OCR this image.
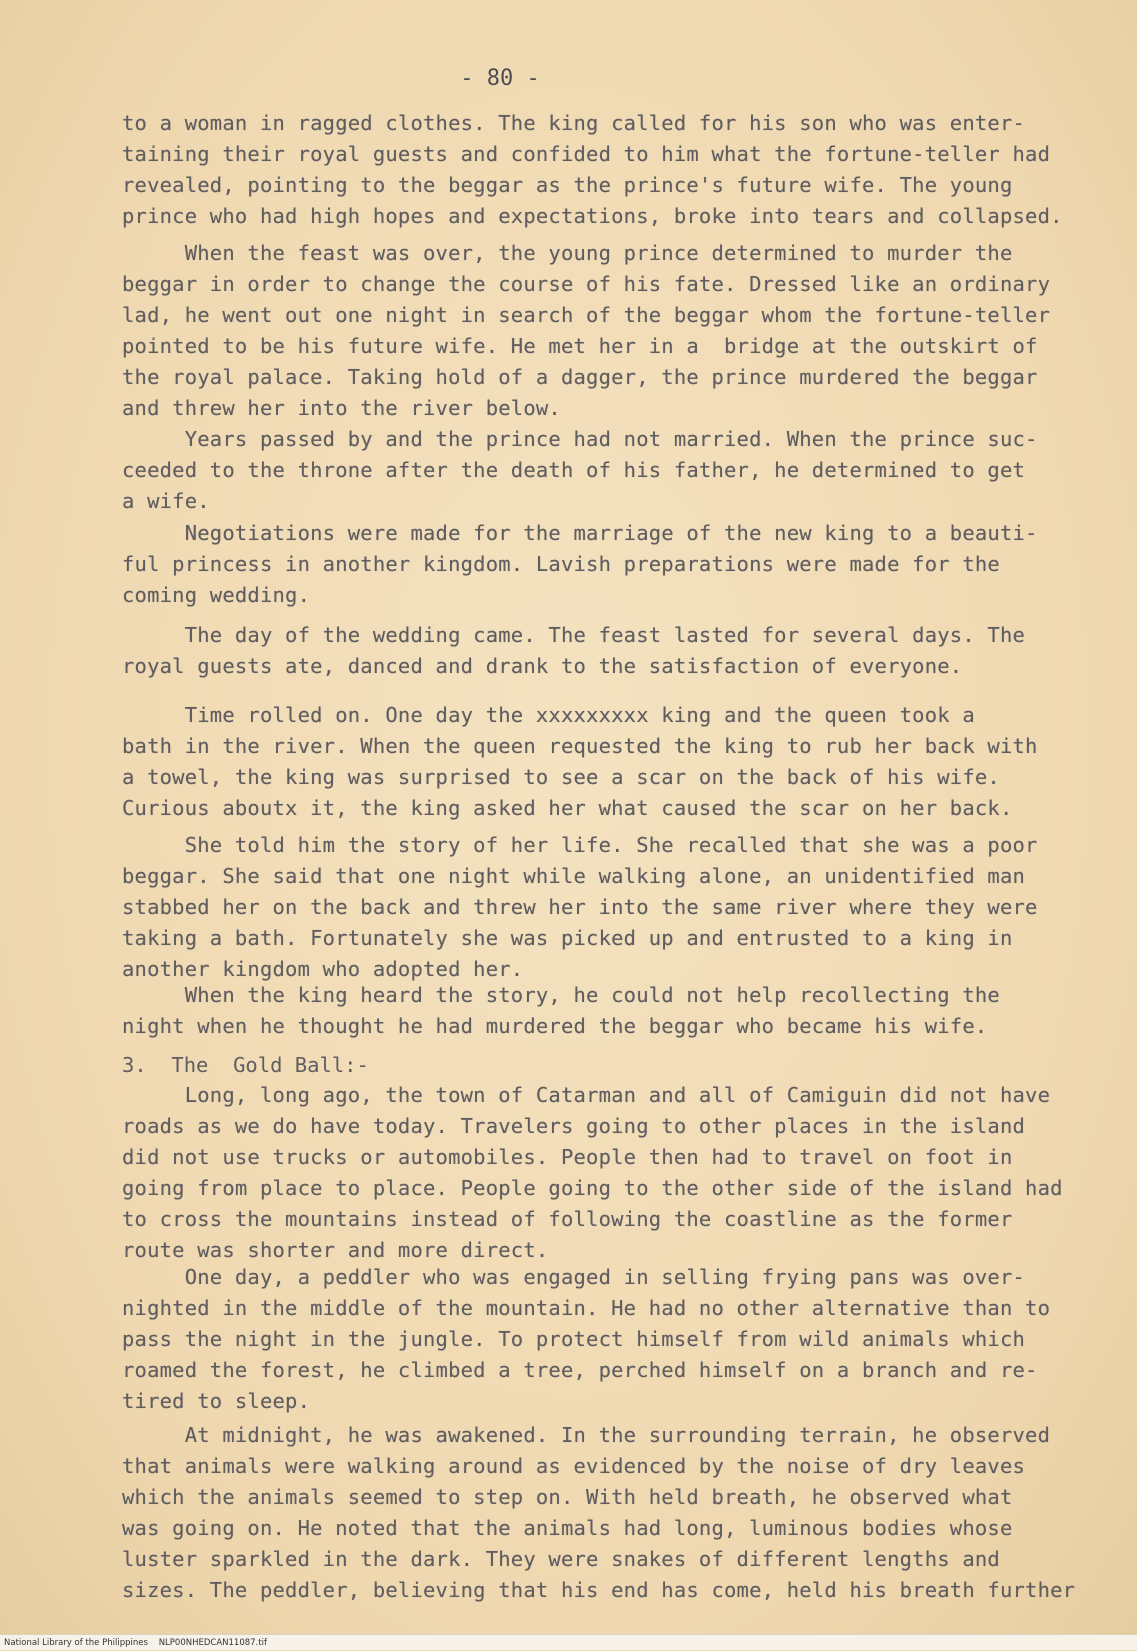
- 80 -
to a woman in ragged clothes. The king called for his son who was enter-
taining their royal guests and confided to him what the fortune-teller had
revealed, pointing to the beggar as the prince's future wife. The young
prince who had high hopes and expectations, broke into tears and collapsed.
When the feast was over, the young prince determined to murder the
beggar in order to change the course of his fate. Dressed like an ordinary
lad, he went out one night in search of the beggar whom the fortune-teller
pointed to be his future wife. He met her in a  bridge at the outskirt of
the royal palace. Taking hold of a dagger, the prince murdered the beggar
and threw her into the river below.
Years passed by and the prince had not married. When the prince suc-
ceeded to the throne after the death of his father, he determined to get
a wife.
Negotiations were made for the marriage of the new king to a beauti-
ful princess in another kingdom. Lavish preparations were made for the
coming wedding.
The day of the wedding came. The feast lasted for several days. The
royal guests ate, danced and drank to the satisfaction of everyone.
Time rolled on. One day the xxxxxxxxx king and the queen took a
bath in the river. When the queen requested the king to rub her back with
a towel, the king was surprised to see a scar on the back of his wife.
Curious aboutx it, the king asked her what caused the scar on her back.
She told him the story of her life. She recalled that she was a poor
beggar. She said that one night while walking alone, an unidentified man
stabbed her on the back and threw her into the same river where they were
taking a bath. Fortunately she was picked up and entrusted to a king in
another kingdom who adopted her.
When the king heard the story, he could not help recollecting the
night when he thought he had murdered the beggar who became his wife.
3.  The  Gold Ball:-
Long, long ago, the town of Catarman and all of Camiguin did not have
roads as we do have today. Travelers going to other places in the island
did not use trucks or automobiles. People then had to travel on foot in
going from place to place. People going to the other side of the island had
to cross the mountains instead of following the coastline as the former
route was shorter and more direct.
One day, a peddler who was engaged in selling frying pans was over-
nighted in the middle of the mountain. He had no other alternative than to
pass the night in the jungle. To protect himself from wild animals which
roamed the forest, he climbed a tree, perched himself on a branch and re-
tired to sleep.
At midnight, he was awakened. In the surrounding terrain, he observed
that animals were walking around as evidenced by the noise of dry leaves
which the animals seemed to step on. With held breath, he observed what
was going on. He noted that the animals had long, luminous bodies whose
luster sparkled in the dark. They were snakes of different lengths and
sizes. The peddler, believing that his end has come, held his breath further
National Library of the Philippines    NLP00NHEDCAN11087.tif
